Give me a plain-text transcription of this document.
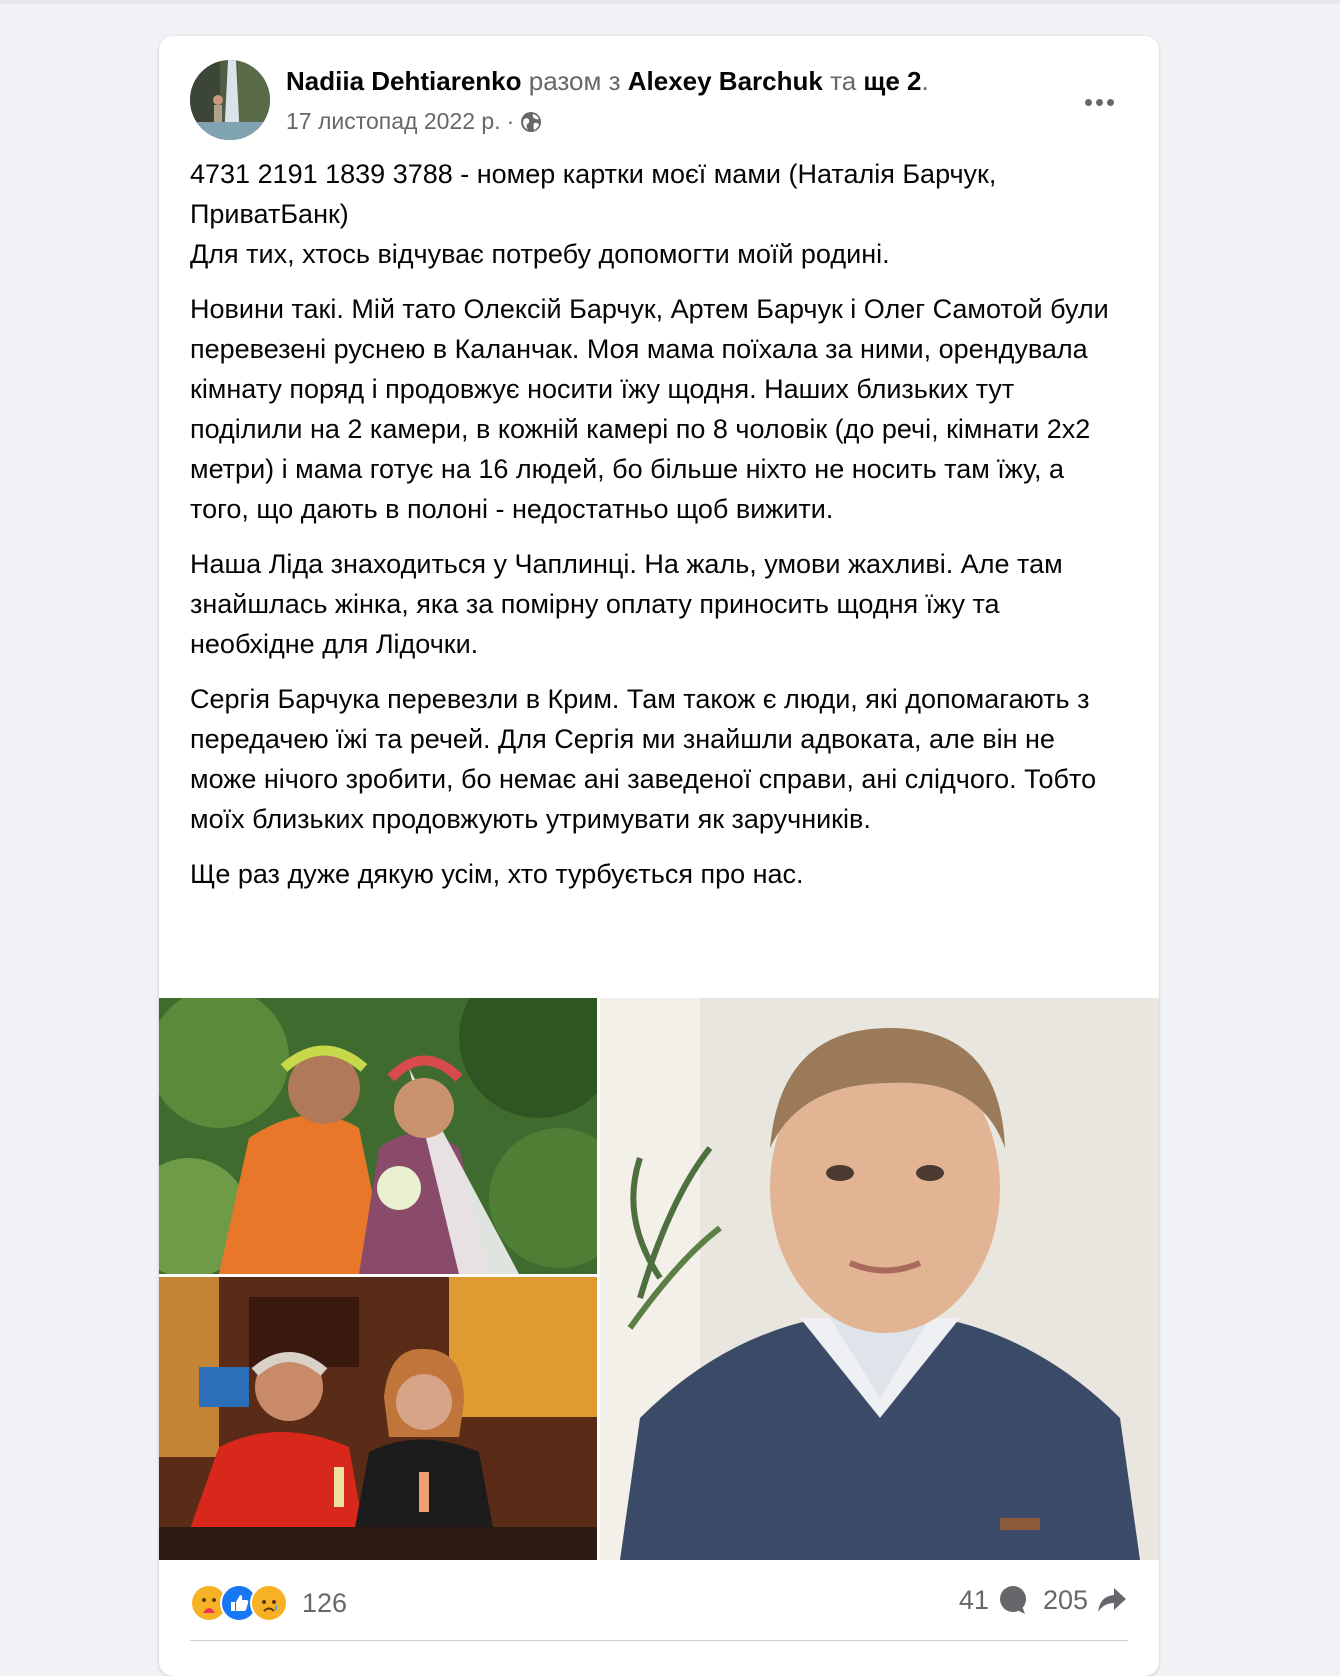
Nadiia Dehtiarenko разом з Alexey Barchuk та ще 2.
17 листопад 2022 р. ·

4731 2191 1839 3788 - номер картки моєї мами (Наталія Барчук, ПриватБанк)
Для тих, хтось відчуває потребу допомогти моїй родині.

Новини такі. Мій тато Олексій Барчук, Артем Барчук і Олег Самотой були перевезені руснею в Каланчак. Моя мама поїхала за ними, орендувала кімнату поряд і продовжує носити їжу щодня. Наших близьких тут поділили на 2 камери, в кожній камері по 8 чоловік (до речі, кімнати 2х2 метри) і мама готує на 16 людей, бо більше ніхто не носить там їжу, а того, що дають в полоні - недостатньо щоб вижити.

Наша Ліда знаходиться у Чаплинці. На жаль, умови жахливі. Але там знайшлась жінка, яка за помірну оплату приносить щодня їжу та необхідне для Лідочки.

Сергія Барчука перевезли в Крим. Там також є люди, які допомагають з передачею їжі та речей. Для Сергія ми знайшли адвоката, але він не може нічого зробити, бо немає ані заведеної справи, ані слідчого. Тобто моїх близьких продовжують утримувати як заручників.

Ще раз дуже дякую усім, хто турбується про нас.

126	41 205
